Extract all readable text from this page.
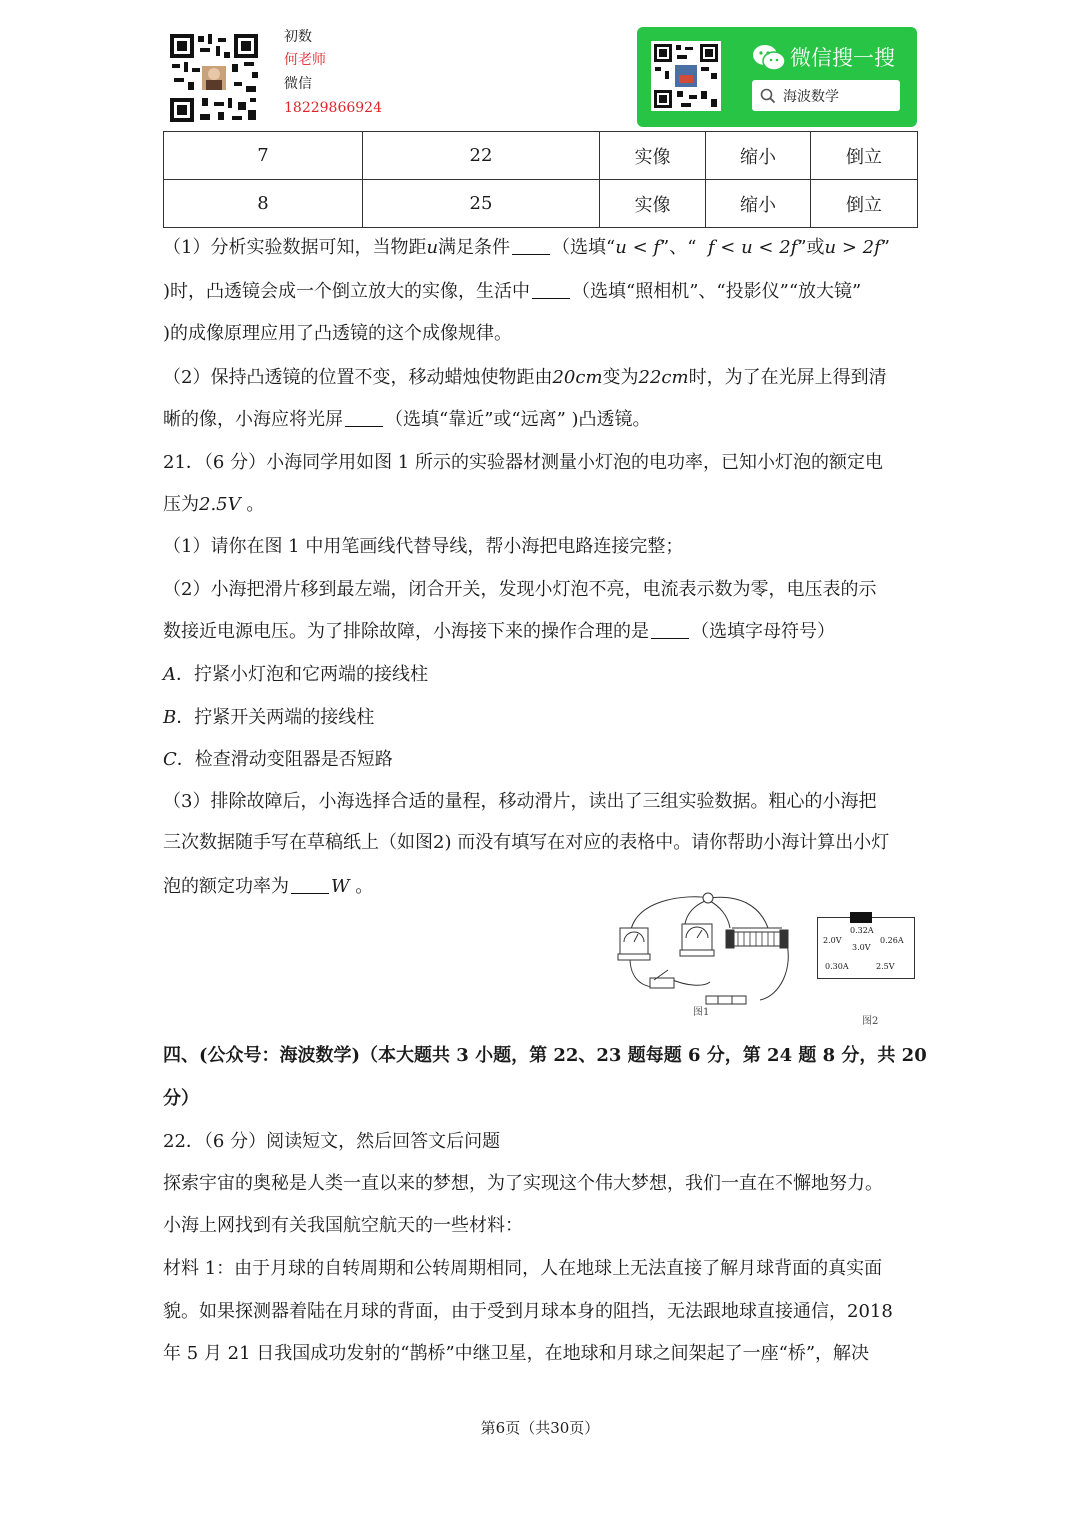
初数
何老师
微信
18229866924
微信搜一搜
海波数学
7	22	实像	缩小	倒立
8	25	实像	缩小	倒立
（1）分析实验数据可知，当物距u满足条件 （选填“u < f”、“ f < u < 2f”或u > 2f”
)时，凸透镜会成一个倒立放大的实像，生活中 （选填“照相机”、“投影仪”“放大镜”
)的成像原理应用了凸透镜的这个成像规律。
（2）保持凸透镜的位置不变，移动蜡烛使物距由20cm变为22cm时，为了在光屏上得到清
晰的像，小海应将光屏 （选填“靠近”或“远离” )凸透镜。
21．（6 分）小海同学用如图 1 所示的实验器材测量小灯泡的电功率，已知小灯泡的额定电
压为2.5V 。
（1）请你在图 1 中用笔画线代替导线，帮小海把电路连接完整；
（2）小海把滑片移到最左端，闭合开关，发现小灯泡不亮，电流表示数为零，电压表的示
数接近电源电压。为了排除故障，小海接下来的操作合理的是 （选填字母符号）
A．拧紧小灯泡和它两端的接线柱
B．拧紧开关两端的接线柱
C．检查滑动变阻器是否短路
（3）排除故障后，小海选择合适的量程，移动滑片，读出了三组实验数据。粗心的小海把
三次数据随手写在草稿纸上（如图2) 而没有填写在对应的表格中。请你帮助小海计算出小灯
泡的额定功率为 W 。
图1
0.32A
2.0V	0.26A
3.0V
0.30A	2.5V
图2
四、(公众号：海波数学)（本大题共 3 小题，第 22、23 题每题 6 分，第 24 题 8 分，共 20
分）
22．（6 分）阅读短文，然后回答文后问题
探索宇宙的奥秘是人类一直以来的梦想，为了实现这个伟大梦想，我们一直在不懈地努力。
小海上网找到有关我国航空航天的一些材料：
材料 1：由于月球的自转周期和公转周期相同，人在地球上无法直接了解月球背面的真实面
貌。如果探测器着陆在月球的背面，由于受到月球本身的阻挡，无法跟地球直接通信，2018
年 5 月 21 日我国成功发射的“鹊桥”中继卫星，在地球和月球之间架起了一座“桥”，解决
第6页（共30页）
